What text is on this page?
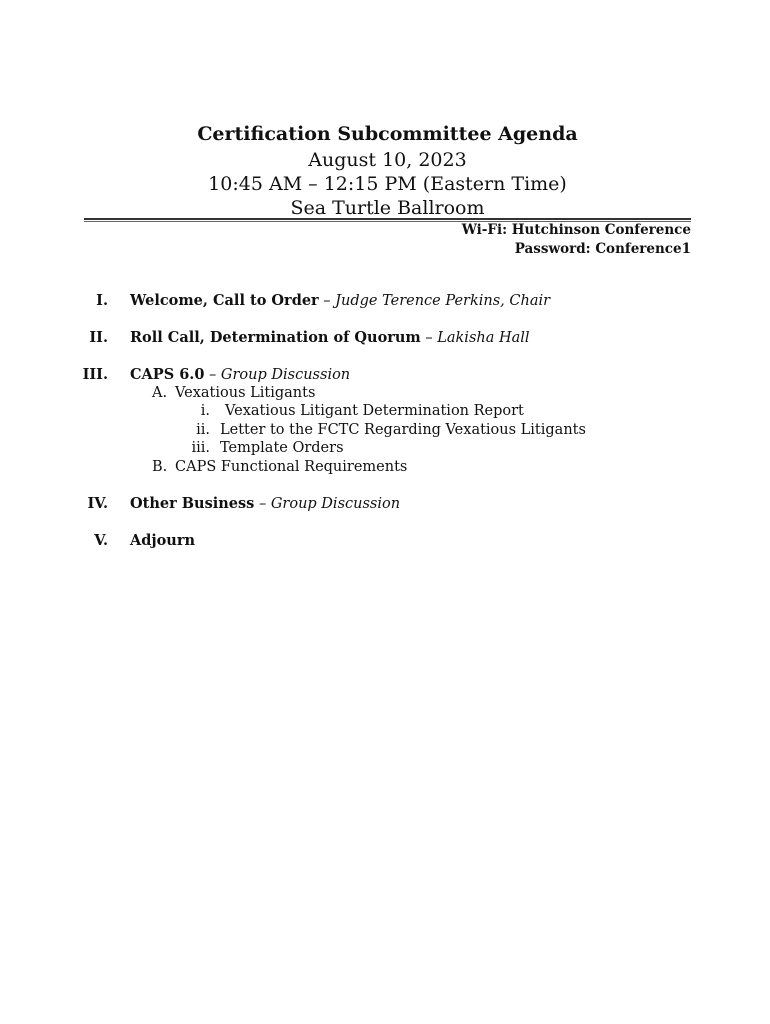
Certification Subcommittee Agenda
August 10, 2023
10:45 AM – 12:15 PM (Eastern Time)
Sea Turtle Ballroom
Wi-Fi: Hutchinson Conference
Password: Conference1
I. Welcome, Call to Order – Judge Terence Perkins, Chair
II. Roll Call, Determination of Quorum – Lakisha Hall
III. CAPS 6.0 – Group Discussion
A. Vexatious Litigants
i. Vexatious Litigant Determination Report
ii. Letter to the FCTC Regarding Vexatious Litigants
iii. Template Orders
B. CAPS Functional Requirements
IV. Other Business – Group Discussion
V. Adjourn
